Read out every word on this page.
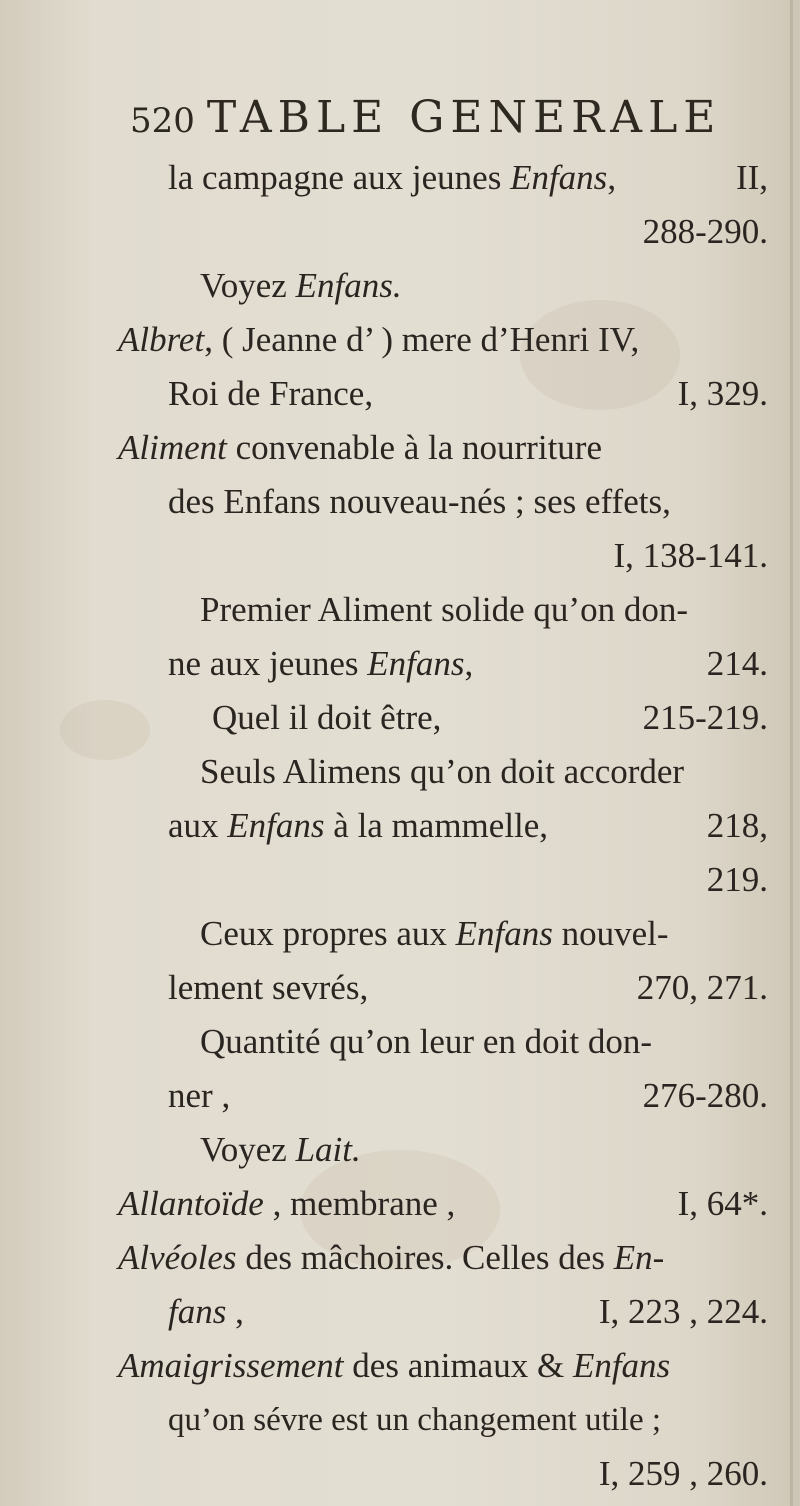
520 TABLE GENERALE
la campagne aux jeunes Enfans,	II,
288-290.
Voyez Enfans.
Albret, ( Jeanne d’ ) mere d’Henri IV,
Roi de France,	I, 329.
Aliment convenable à la nourriture
des Enfans nouveau-nés ; ses effets,
I, 138-141.
Premier Aliment solide qu’on don-
ne aux jeunes Enfans,	214.
Quel il doit être,	215-219.
Seuls Alimens qu’on doit accorder
aux Enfans à la mammelle,	218,
219.
Ceux propres aux Enfans nouvel-
lement sevrés,	270, 271.
Quantité qu’on leur en doit don-
ner ,	276-280.
Voyez Lait.
Allantoïde , membrane ,	I, 64*.
Alvéoles des mâchoires. Celles des En-
fans ,	I, 223 , 224.
Amaigrissement des animaux & Enfans
qu’on sévre est un changement utile ;
I, 259 , 260.
